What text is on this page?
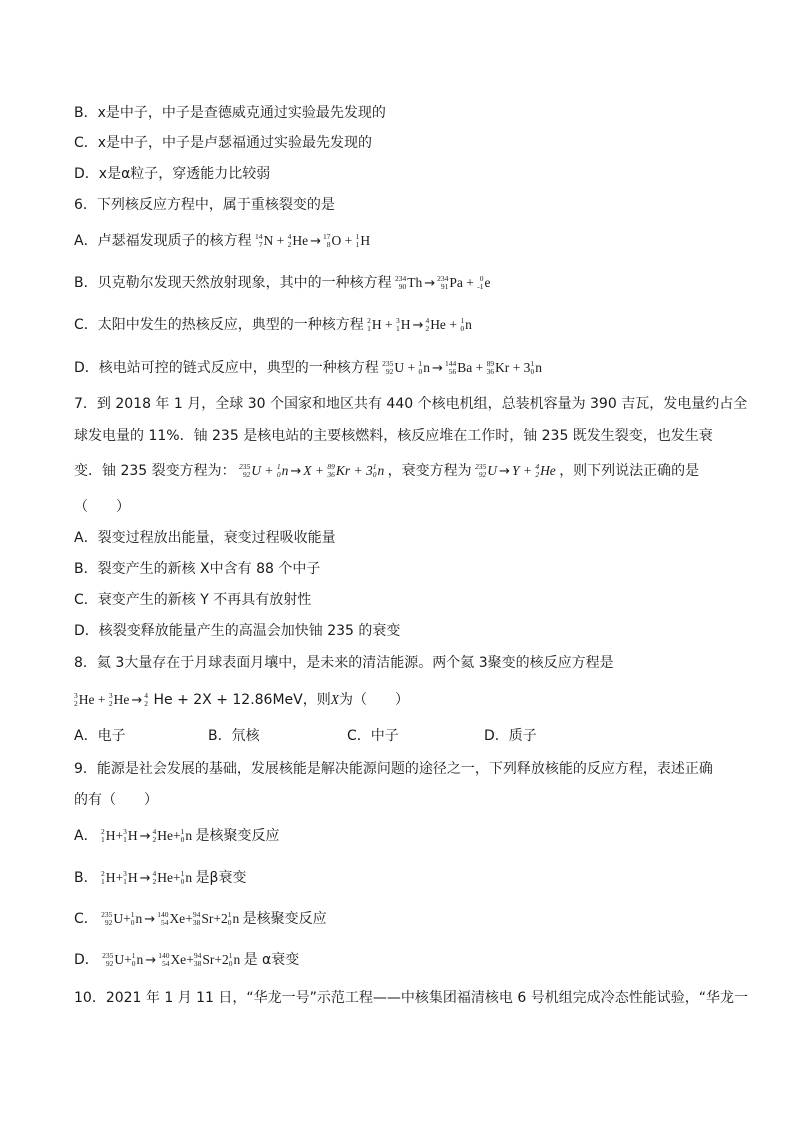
B．x是中子，中子是查德威克通过实验最先发现的
C．x是中子，中子是卢瑟福通过实验最先发现的
D．x是α粒子，穿透能力比较弱
6．下列核反应方程中，属于重核裂变的是
A．卢瑟福发现质子的核方程 14
7 N + 4
2 He → 17
8 O + 1
1 H
B．贝克勒尔发现天然放射现象，其中的一种核方程 234
90 Th → 234
91 Pa + 0
-1 e
C．太阳中发生的热核反应，典型的一种核方程 2
1 H + 3
1 H → 4
2 He + 1
0 n
D．核电站可控的链式反应中，典型的一种核方程 235
92 U + 1
0 n → 144
56 Ba + 89
36 Kr + 3 1
0 n
7．到 2018 年 1 月，全球 30 个国家和地区共有 440 个核电机组，总装机容量为 390 吉瓦，发电量约占全
球发电量的 11%．铀 235 是核电站的主要核燃料，核反应堆在工作时，铀 235 既发生裂变，也发生衰
变．铀 235 裂变方程为： 235
92 U + 1
0 n → X + 89
36 Kr + 3 1
0 n ，衰变方程为 235
92 U → Y + 4
2 He ，则下列说法正确的是
（　　）
A．裂变过程放出能量，衰变过程吸收能量
B．裂变产生的新核 X中含有 88 个中子
C．衰变产生的新核 Y 不再具有放射性
D．核裂变释放能量产生的高温会加快铀 235 的衰变
8．氦 3大量存在于月球表面月壤中，是未来的清洁能源。两个氦 3聚变的核反应方程是
3
2 He + 3
2 He → 4
2 He + 2X + 12.86MeV，则X为（　　）
A．电子	B．氘核	C．中子	D．质子
9．能源是社会发展的基础，发展核能是解决能源问题的途径之一，下列释放核能的反应方程，表述正确
的有（　　）
A． 2
1 H+ 3
1 H → 4
2 He+ 1
0 n 是核聚变反应
B． 2
1 H+ 3
1 H → 4
2 He+ 1
0 n 是β衰变
C． 235
92 U+ 1
0 n → 140
54 Xe+ 94
38 Sr+2 1
0 n 是核聚变反应
D． 235
92 U+ 1
0 n → 140
54 Xe+ 94
38 Sr+2 1
0 n 是 α衰变
10．2021 年 1 月 11 日，“华龙一号”示范工程——中核集团福清核电 6 号机组完成冷态性能试验，“华龙一
